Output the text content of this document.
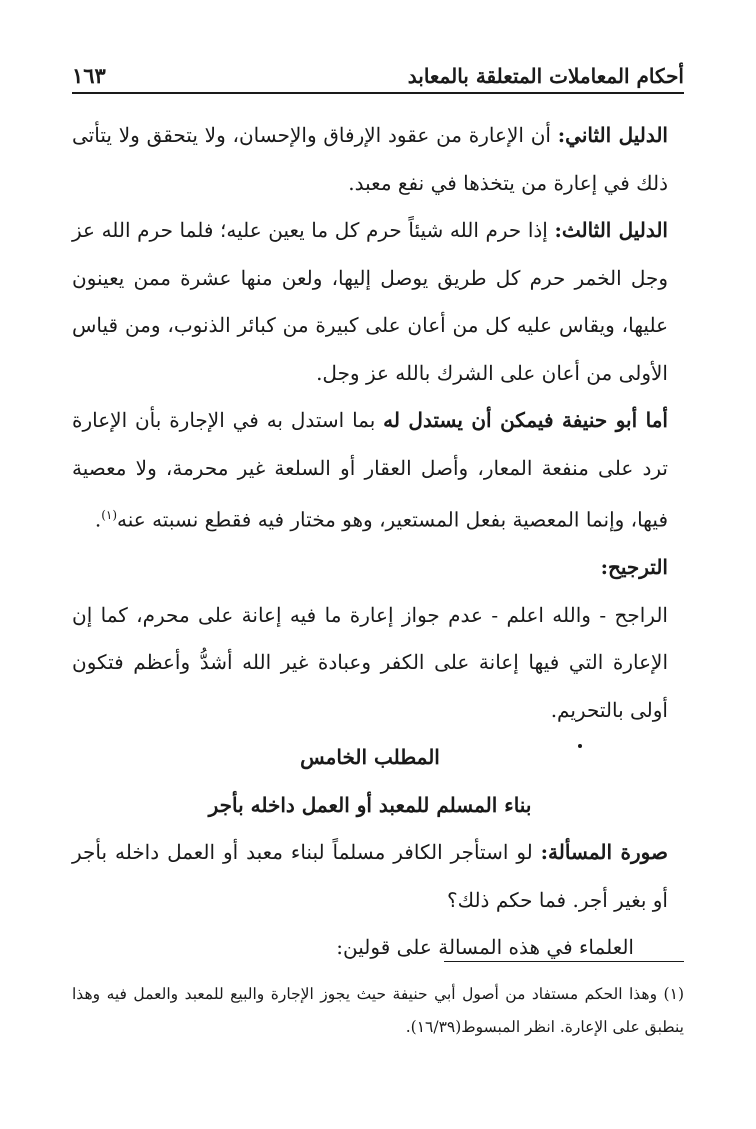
١٦٣	أحكام المعاملات المتعلقة بالمعابد

الدليل الثاني: أن الإعارة من عقود الإرفاق والإحسان، ولا يتحقق ولا يتأتى ذلك في إعارة من يتخذها في نفع معبد.

الدليل الثالث: إذا حرم الله شيئاً حرم كل ما يعين عليه؛ فلما حرم الله عز وجل الخمر حرم كل طريق يوصل إليها، ولعن منها عشرة ممن يعينون عليها، ويقاس عليه كل من أعان على كبيرة من كبائر الذنوب، ومن قياس الأولى من أعان على الشرك بالله عز وجل.

أما أبو حنيفة فيمكن أن يستدل له بما استدل به في الإجارة بأن الإعارة ترد على منفعة المعار، وأصل العقار أو السلعة غير محرمة، ولا معصية فيها، وإنما المعصية بفعل المستعير، وهو مختار فيه فقطع نسبته عنه$^{(١)}$.

الترجيح:

الراجح - والله اعلم - عدم جواز إعارة ما فيه إعانة على محرم، كما إن الإعارة التي فيها إعانة على الكفر وعبادة غير الله أشدُّ وأعظم فتكون أولى بالتحريم.

المطلب الخامس

بناء المسلم للمعبد أو العمل داخله بأجر

صورة المسألة: لو استأجر الكافر مسلماً لبناء معبد أو العمل داخله بأجر أو بغير أجر. فما حكم ذلك؟

العلماء في هذه المسالة على قولين:

(١) وهذا الحكم مستفاد من أصول أبي حنيفة حيث يجوز الإجارة والبيع للمعبد والعمل فيه وهذا ينطبق على الإعارة. انظر المبسوط(١٦/٣٩).
